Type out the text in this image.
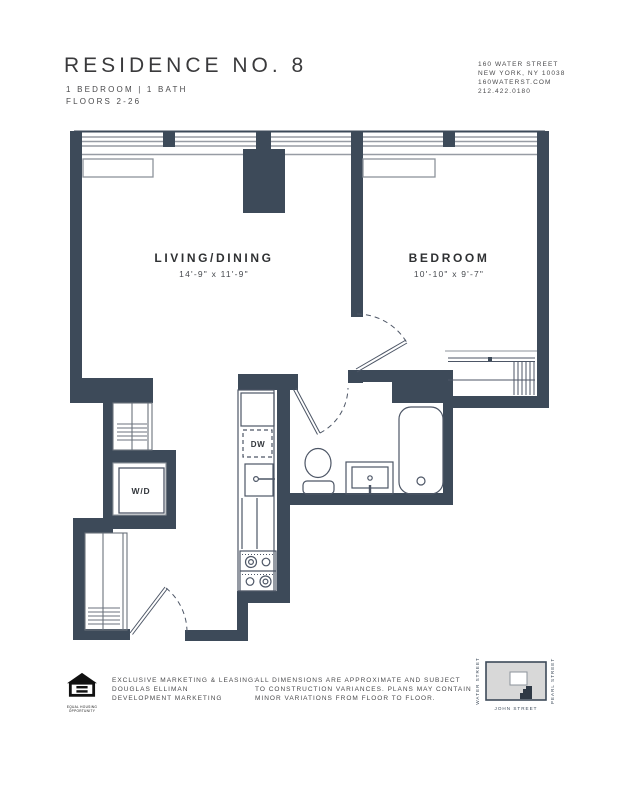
RESIDENCE NO. 8
1 BEDROOM | 1 BATH
FLOORS 2-26
160 WATER STREET
NEW YORK, NY 10038
160WATERST.COM
212.422.0180
W/D
DW
LIVING/DINING
14'-9" x 11'-9"
BEDROOM
10'-10" x 9'-7"
EQUAL HOUSING
OPPORTUNITY
EXCLUSIVE MARKETING & LEASING:
DOUGLAS ELLIMAN
DEVELOPMENT MARKETING
ALL DIMENSIONS ARE APPROXIMATE AND SUBJECT
TO CONSTRUCTION VARIANCES. PLANS MAY CONTAIN
MINOR VARIATIONS FROM FLOOR TO FLOOR.	WATER STREET	PEARL STREET
JOHN STREET
